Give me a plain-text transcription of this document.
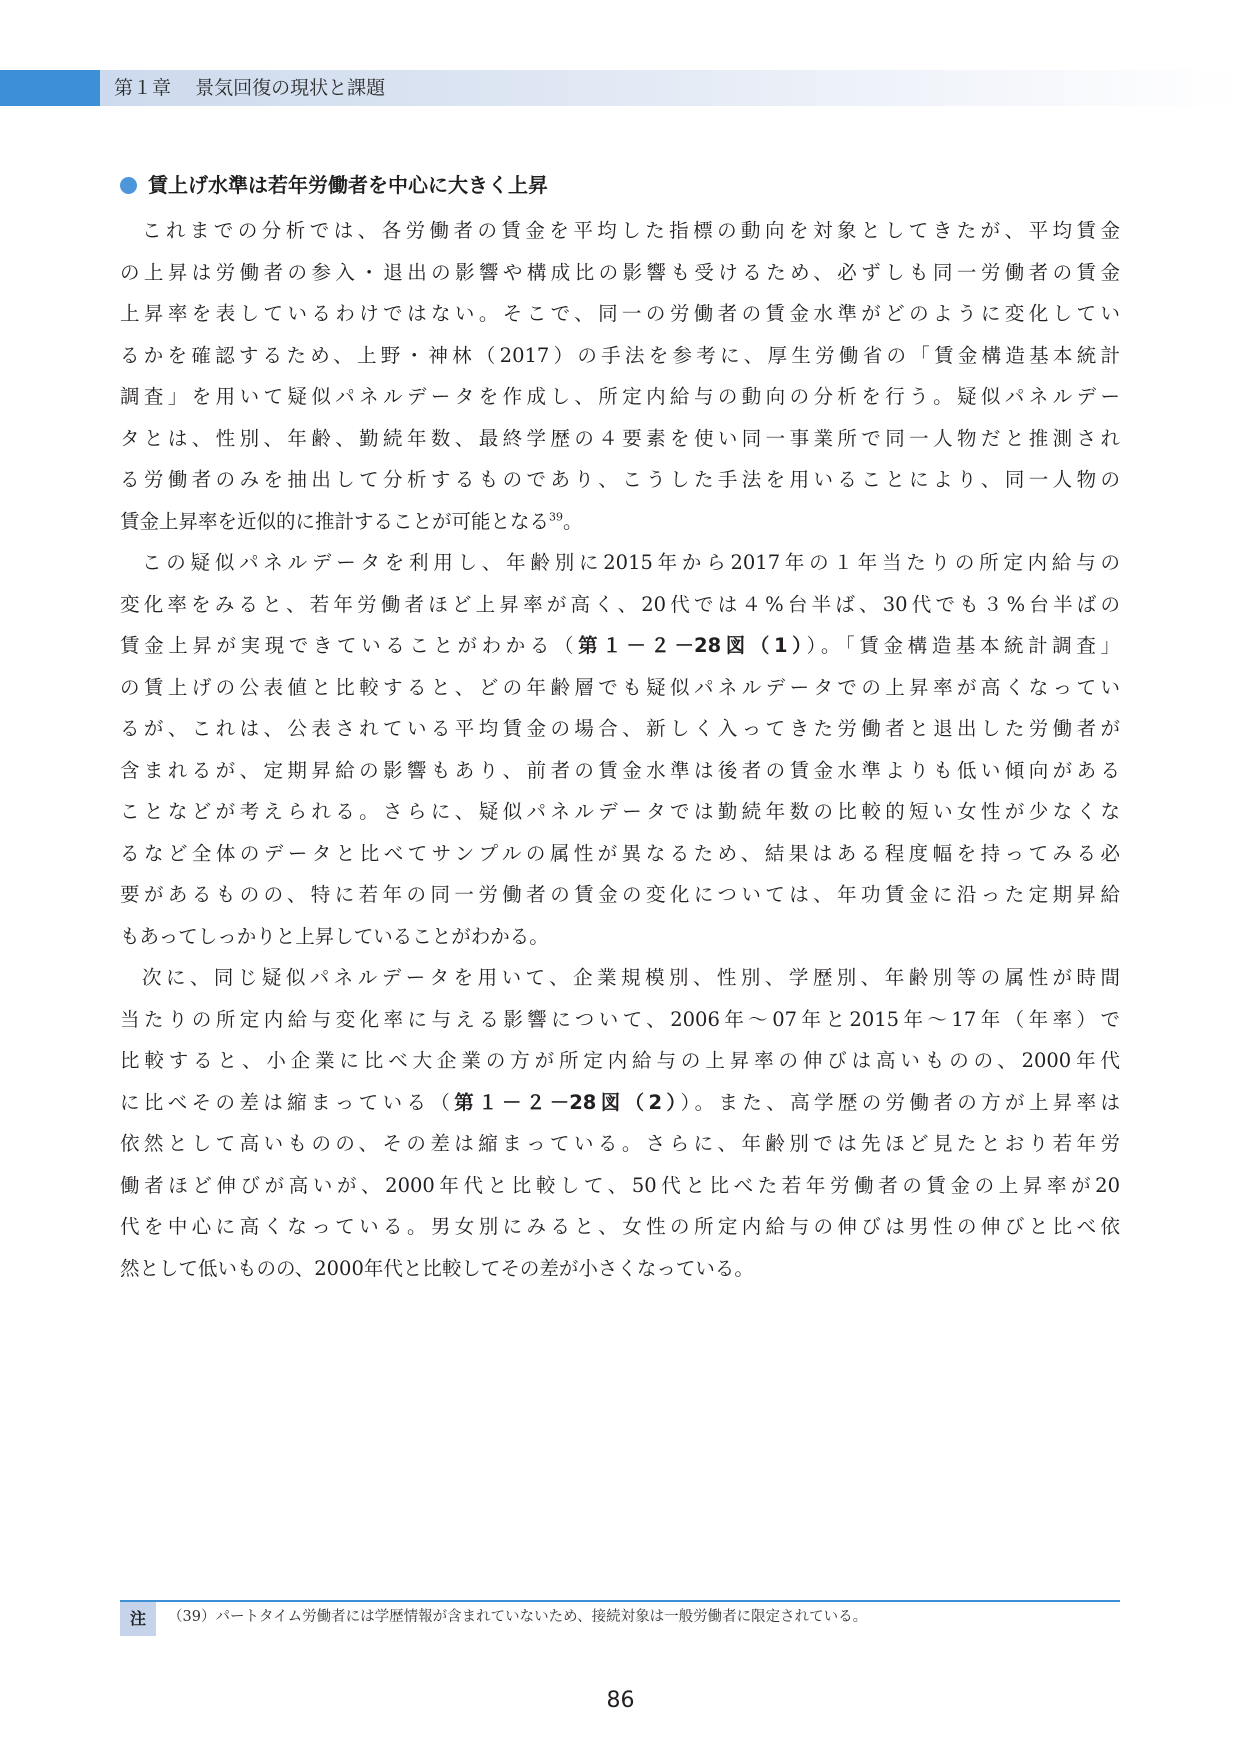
第１章 景気回復の現状と課題
賃上げ水準は若年労働者を中心に大きく上昇
これまでの分析では、各労働者の賃金を平均した指標の動向を対象としてきたが、平均賃金
の上昇は労働者の参入・退出の影響や構成比の影響も受けるため、必ずしも同一労働者の賃金
上昇率を表しているわけではない。そこで、同一の労働者の賃金水準がどのように変化してい
るかを確認するため、上野・神林（2017）の手法を参考に、厚生労働省の「賃金構造基本統計
調査」を用いて疑似パネルデータを作成し、所定内給与の動向の分析を行う。疑似パネルデー
タとは、性別、年齢、勤続年数、最終学歴の４要素を使い同一事業所で同一人物だと推測され
る労働者のみを抽出して分析するものであり、こうした手法を用いることにより、同一人物の
賃金上昇率を近似的に推計することが可能となる$^{39}$。
この疑似パネルデータを利用し、年齢別に2015年から2017年の１年当たりの所定内給与の
変化率をみると、若年労働者ほど上昇率が高く、20代では４%台半ば、30代でも３%台半ばの
賃金上昇が実現できていることがわかる（第１－２－28図（1））。「賃金構造基本統計調査」
の賃上げの公表値と比較すると、どの年齢層でも疑似パネルデータでの上昇率が高くなってい
るが、これは、公表されている平均賃金の場合、新しく入ってきた労働者と退出した労働者が
含まれるが、定期昇給の影響もあり、前者の賃金水準は後者の賃金水準よりも低い傾向がある
ことなどが考えられる。さらに、疑似パネルデータでは勤続年数の比較的短い女性が少なくな
るなど全体のデータと比べてサンプルの属性が異なるため、結果はある程度幅を持ってみる必
要があるものの、特に若年の同一労働者の賃金の変化については、年功賃金に沿った定期昇給
もあってしっかりと上昇していることがわかる。
次に、同じ疑似パネルデータを用いて、企業規模別、性別、学歴別、年齢別等の属性が時間
当たりの所定内給与変化率に与える影響について、2006年～07年と2015年～17年（年率）で
比較すると、小企業に比べ大企業の方が所定内給与の上昇率の伸びは高いものの、2000年代
に比べその差は縮まっている（第１－２－28図（2））。また、高学歴の労働者の方が上昇率は
依然として高いものの、その差は縮まっている。さらに、年齢別では先ほど見たとおり若年労
働者ほど伸びが高いが、2000年代と比較して、50代と比べた若年労働者の賃金の上昇率が20
代を中心に高くなっている。男女別にみると、女性の所定内給与の伸びは男性の伸びと比べ依
然として低いものの、2000年代と比較してその差が小さくなっている。
注	（39）パートタイム労働者には学歴情報が含まれていないため、接続対象は一般労働者に限定されている。
86
